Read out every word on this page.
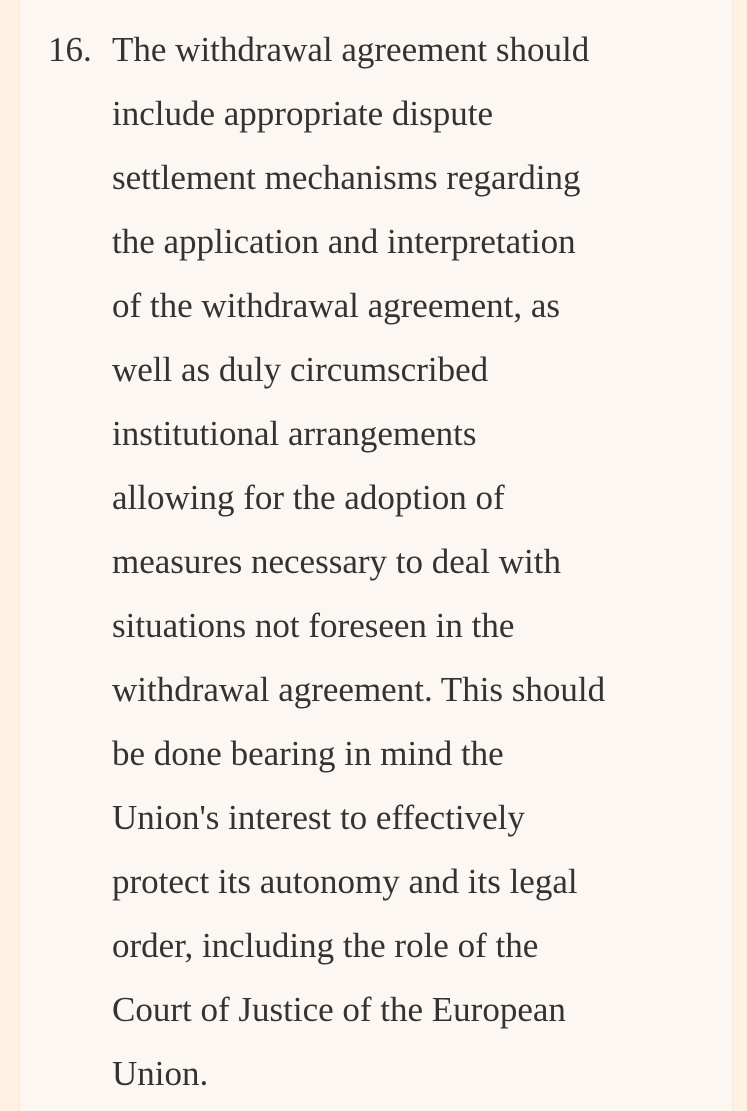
16. The withdrawal agreement should
include appropriate dispute
settlement mechanisms regarding
the application and interpretation
of the withdrawal agreement, as
well as duly circumscribed
institutional arrangements
allowing for the adoption of
measures necessary to deal with
situations not foreseen in the
withdrawal agreement. This should
be done bearing in mind the
Union's interest to effectively
protect its autonomy and its legal
order, including the role of the
Court of Justice of the European
Union.
